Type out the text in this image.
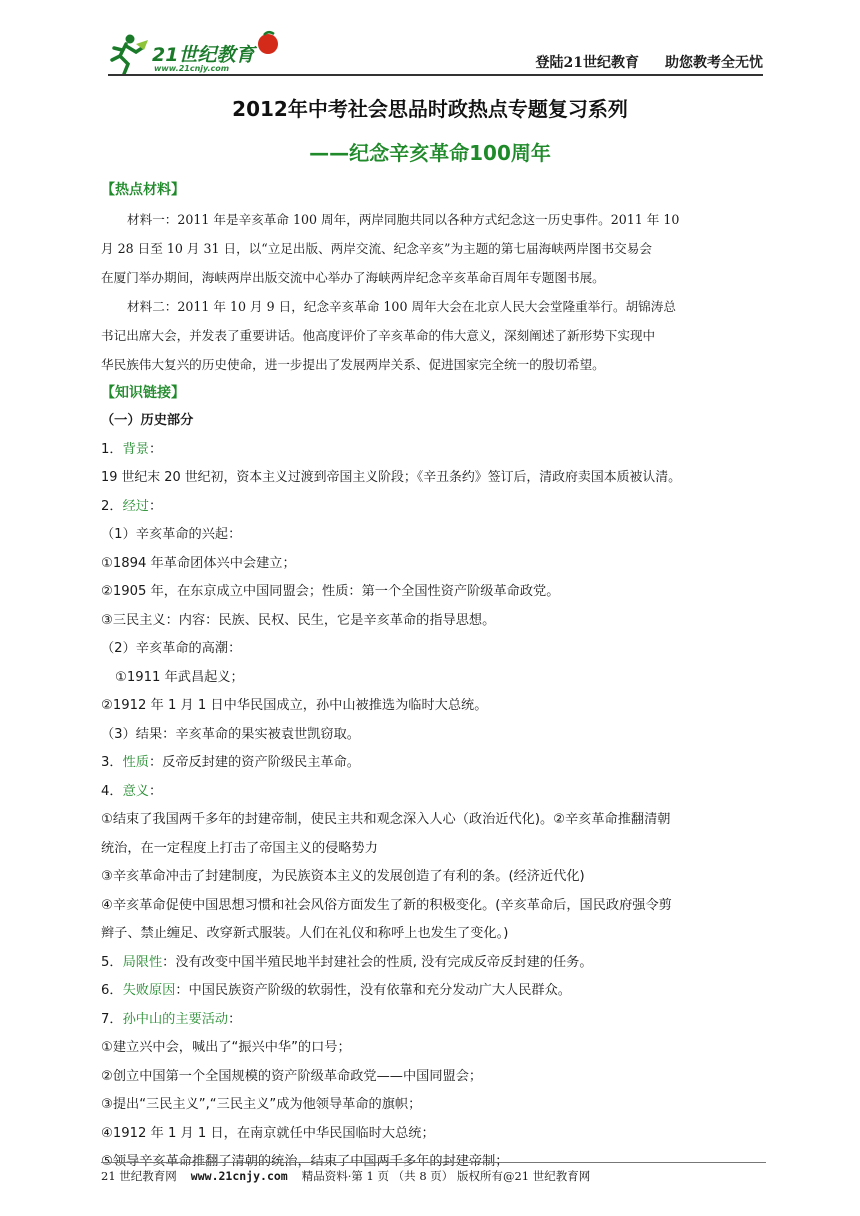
21世纪教育
www.21cnjy.com	登陆21世纪教育 助您教考全无忧
2012年中考社会思品时政热点专题复习系列
——纪念辛亥革命100周年
【热点材料】
材料一：2011 年是辛亥革命 100 周年，两岸同胞共同以各种方式纪念这一历史事件。2011 年 10
月 28 日至 10 月 31 日，以“立足出版、两岸交流、纪念辛亥”为主题的第七届海峡两岸图书交易会
在厦门举办期间，海峡两岸出版交流中心举办了海峡两岸纪念辛亥革命百周年专题图书展。
材料二：2011 年 10 月 9 日，纪念辛亥革命 100 周年大会在北京人民大会堂隆重举行。胡锦涛总
书记出席大会，并发表了重要讲话。他高度评价了辛亥革命的伟大意义，深刻阐述了新形势下实现中
华民族伟大复兴的历史使命，进一步提出了发展两岸关系、促进国家完全统一的殷切希望。
【知识链接】
（一）历史部分
1．背景：
19 世纪末 20 世纪初，资本主义过渡到帝国主义阶段；《辛丑条约》签订后，清政府卖国本质被认清。
2．经过：
（1）辛亥革命的兴起：
①1894 年革命团体兴中会建立；
②1905 年，在东京成立中国同盟会；性质：第一个全国性资产阶级革命政党。
③三民主义：内容：民族、民权、民生，它是辛亥革命的指导思想。
（2）辛亥革命的高潮：
①1911 年武昌起义；
②1912 年 1 月 1 日中华民国成立，孙中山被推选为临时大总统。
（3）结果：辛亥革命的果实被袁世凯窃取。
3．性质：反帝反封建的资产阶级民主革命。
4．意义：
①结束了我国两千多年的封建帝制，使民主共和观念深入人心（政治近代化)。②辛亥革命推翻清朝
统治，在一定程度上打击了帝国主义的侵略势力
③辛亥革命冲击了封建制度，为民族资本主义的发展创造了有利的条。(经济近代化)
④辛亥革命促使中国思想习惯和社会风俗方面发生了新的积极变化。(辛亥革命后，国民政府强令剪
辫子、禁止缠足、改穿新式服装。人们在礼仪和称呼上也发生了变化。)
5．局限性：没有改变中国半殖民地半封建社会的性质, 没有完成反帝反封建的任务。
6．失败原因：中国民族资产阶级的软弱性，没有依靠和充分发动广大人民群众。
7．孙中山的主要活动：
①建立兴中会，喊出了“振兴中华”的口号；
②创立中国第一个全国规模的资产阶级革命政党——中国同盟会；
③提出“三民主义”,“三民主义”成为他领导革命的旗帜；
④1912 年 1 月 1 日，在南京就任中华民国临时大总统；
⑤领导辛亥革命推翻了清朝的统治，结束了中国两千多年的封建帝制；
21 世纪教育网 www.21cnjy.com 精品资料·第 1 页 （共 8 页） 版权所有@21 世纪教育网
